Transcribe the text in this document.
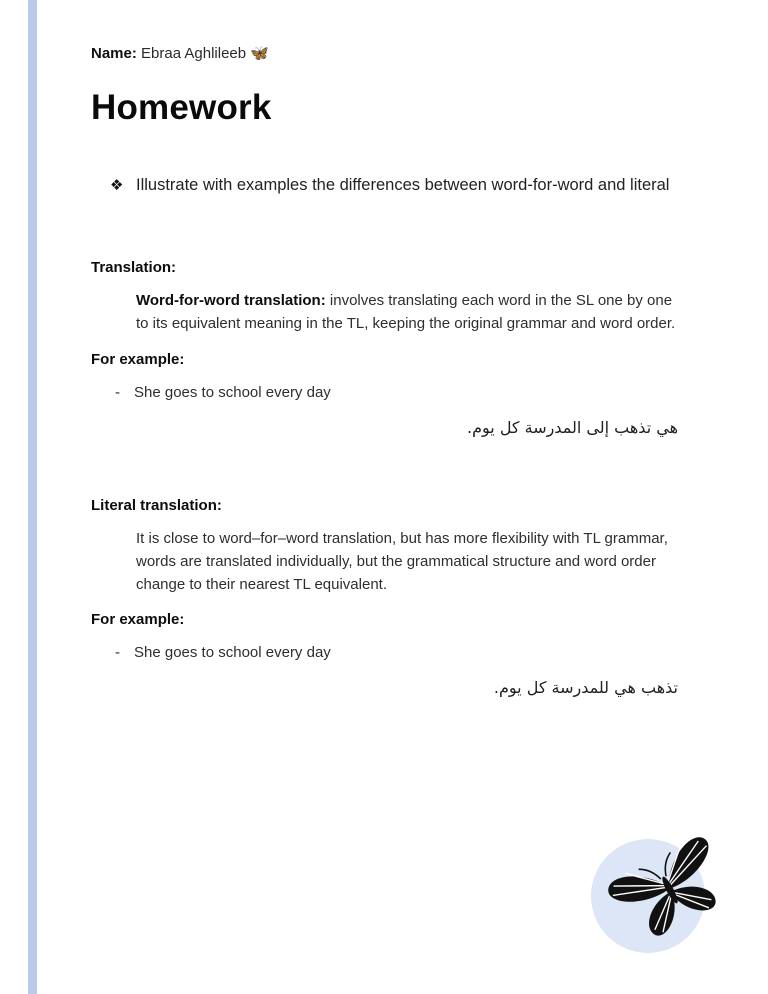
Name: Ebraa Aghlileeb 🦋
Homework
❖ Illustrate with examples the differences between word-for-word and literal
Translation:

Word-for-word translation: involves translating each word in the SL one by one to its equivalent meaning in the TL, keeping the original grammar and word order.

For example:
- She goes to school every day
هي تذهب إلى المدرسة كل يوم.
Literal translation:

It is close to word–for–word translation, but has more flexibility with TL grammar, words are translated individually, but the grammatical structure and word order change to their nearest TL equivalent.

For example:
- She goes to school every day
تذهب هي للمدرسة كل يوم.
